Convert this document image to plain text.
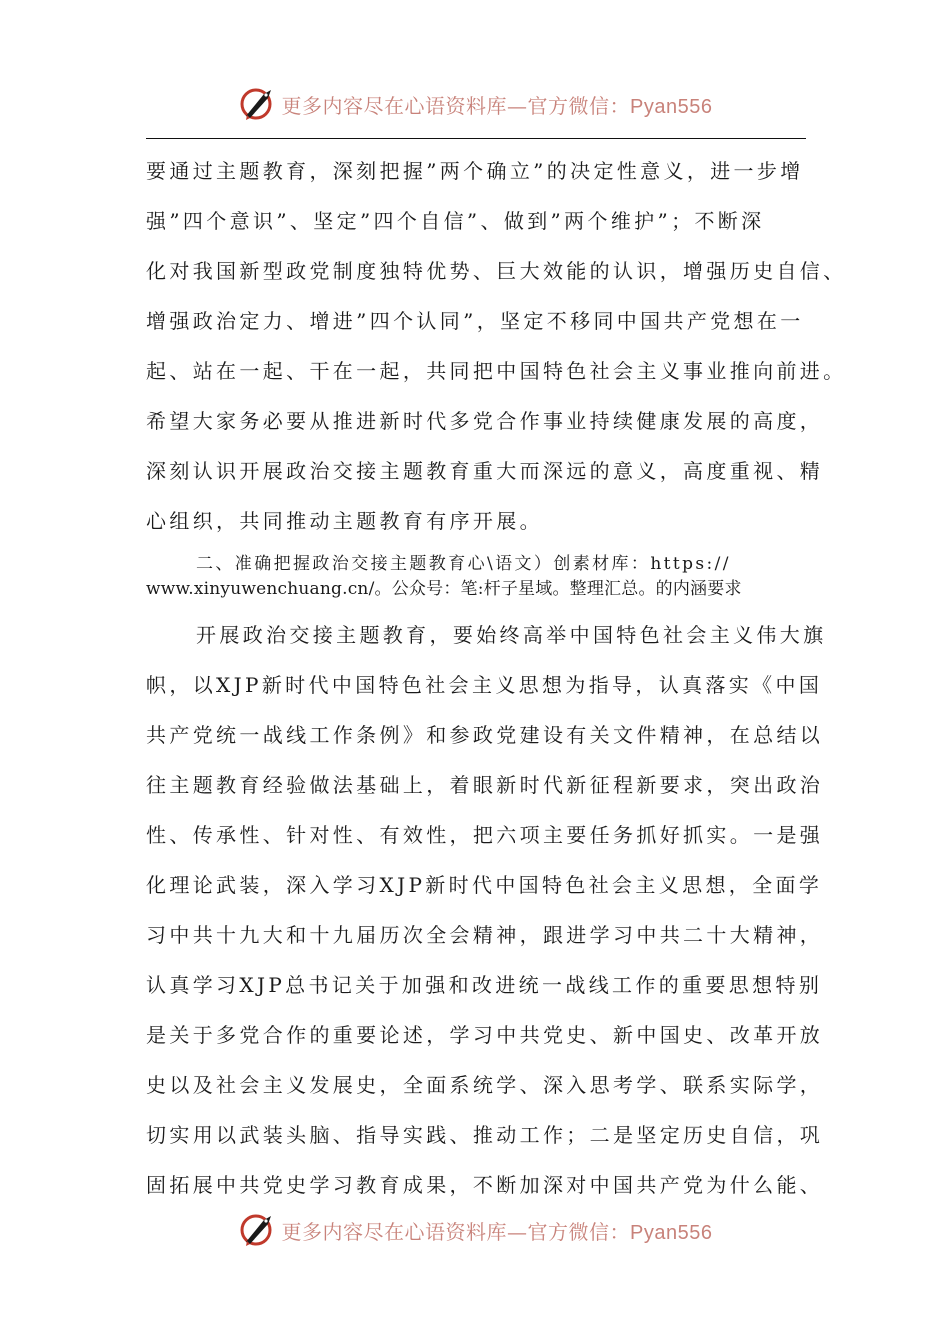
更多内容尽在心语资料库—官方微信：Pyan556
要通过主题教育，深刻把握”两个确立”的决定性意义，进一步增
强”四个意识”、坚定”四个自信”、做到”两个维护”；不断深
化对我国新型政党制度独特优势、巨大效能的认识，增强历史自信、
增强政治定力、增进”四个认同”，坚定不移同中国共产党想在一
起、站在一起、干在一起，共同把中国特色社会主义事业推向前进。
希望大家务必要从推进新时代多党合作事业持续健康发展的高度，
深刻认识开展政治交接主题教育重大而深远的意义，高度重视、精
心组织，共同推动主题教育有序开展。
二、准确把握政治交接主题教育心\语文）创素材库：https://
www.xinyuwenchuang.cn/。公众号：笔:杆子星域。整理汇总。的内涵要求
开展政治交接主题教育，要始终高举中国特色社会主义伟大旗
帜，以XJP新时代中国特色社会主义思想为指导，认真落实《中国
共产党统一战线工作条例》和参政党建设有关文件精神，在总结以
往主题教育经验做法基础上，着眼新时代新征程新要求，突出政治
性、传承性、针对性、有效性，把六项主要任务抓好抓实。一是强
化理论武装，深入学习XJP新时代中国特色社会主义思想，全面学
习中共十九大和十九届历次全会精神，跟进学习中共二十大精神，
认真学习XJP总书记关于加强和改进统一战线工作的重要思想特别
是关于多党合作的重要论述，学习中共党史、新中国史、改革开放
史以及社会主义发展史，全面系统学、深入思考学、联系实际学，
切实用以武装头脑、指导实践、推动工作；二是坚定历史自信，巩
固拓展中共党史学习教育成果，不断加深对中国共产党为什么能、
更多内容尽在心语资料库—官方微信：Pyan556
